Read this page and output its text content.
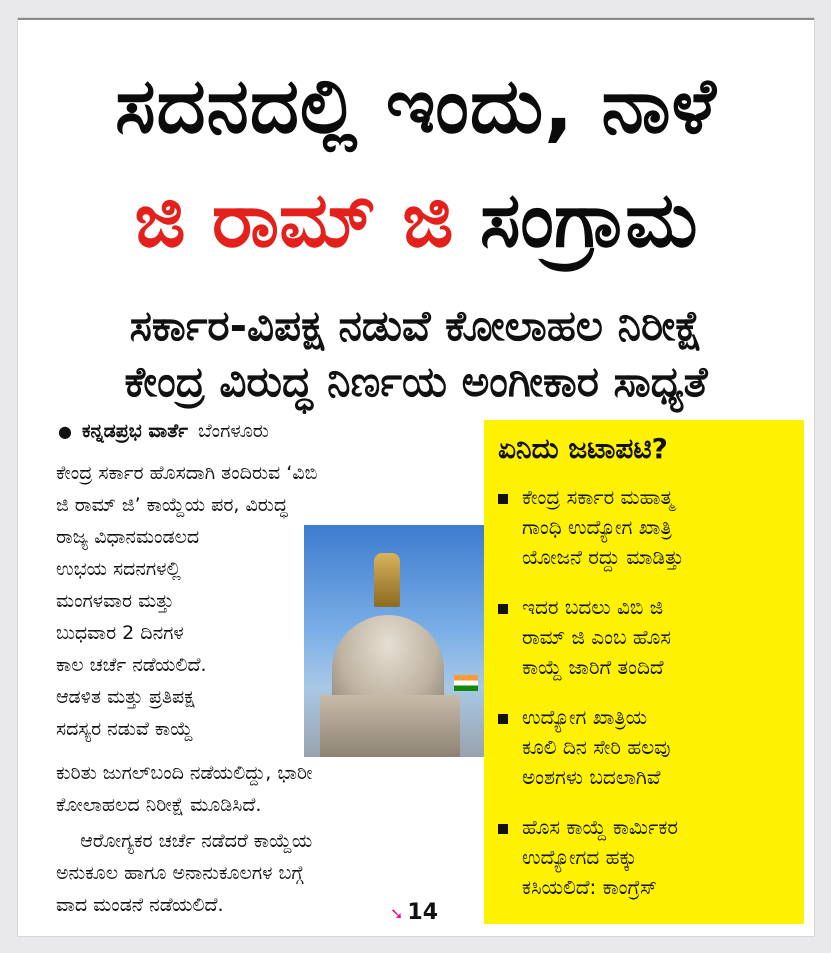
ಸದನದಲ್ಲಿ ಇಂದು, ನಾಳೆ
ಜಿ ರಾಮ್ ಜಿ ಸಂಗ್ರಾಮ
ಸರ್ಕಾರ-ವಿಪಕ್ಷ ನಡುವೆ ಕೋಲಾಹಲ ನಿರೀಕ್ಷೆ
ಕೇಂದ್ರ ವಿರುದ್ಧ ನಿರ್ಣಯ ಅಂಗೀಕಾರ ಸಾಧ್ಯತೆ
● ಕನ್ನಡಪ್ರಭ ವಾರ್ತೆ ಬೆಂಗಳೂರು
ಕೇಂದ್ರ ಸರ್ಕಾರ ಹೊಸದಾಗಿ ತಂದಿರುವ ‘ವಿಬಿ
ಜಿ ರಾಮ್ ಜಿ’ ಕಾಯ್ದೆಯ ಪರ, ವಿರುದ್ಧ
ರಾಜ್ಯ ವಿಧಾನಮಂಡಲದ
ಉಭಯ ಸದನಗಳಲ್ಲಿ
ಮಂಗಳವಾರ ಮತ್ತು
ಬುಧವಾರ 2 ದಿನಗಳ
ಕಾಲ ಚರ್ಚೆ ನಡೆಯಲಿದೆ.
ಆಡಳಿತ ಮತ್ತು ಪ್ರತಿಪಕ್ಷ
ಸದಸ್ಯರ ನಡುವೆ ಕಾಯ್ದೆ
ಕುರಿತು ಜುಗಲ್‌ಬಂದಿ ನಡೆಯಲಿದ್ದು, ಭಾರೀ
ಕೋಲಾಹಲದ ನಿರೀಕ್ಷೆ ಮೂಡಿಸಿದೆ.
ಆರೋಗ್ಯಕರ ಚರ್ಚೆ ನಡೆದರೆ ಕಾಯ್ದೆಯ
ಅನುಕೂಲ ಹಾಗೂ ಅನಾನುಕೂಲಗಳ ಬಗ್ಗೆ
ವಾದ ಮಂಡನೆ ನಡೆಯಲಿದೆ.	➘ 14
ಏನಿದು ಜಟಾಪಟಿ?
ಕೇಂದ್ರ ಸರ್ಕಾರ ಮಹಾತ್ಮ
ಗಾಂಧಿ ಉದ್ಯೋಗ ಖಾತ್ರಿ
ಯೋಜನೆ ರದ್ದು ಮಾಡಿತ್ತು
ಇದರ ಬದಲು ವಿಬಿ ಜಿ
ರಾಮ್ ಜಿ ಎಂಬ ಹೊಸ
ಕಾಯ್ದೆ ಜಾರಿಗೆ ತಂದಿದೆ
ಉದ್ಯೋಗ ಖಾತ್ರಿಯ
ಕೂಲಿ ದಿನ ಸೇರಿ ಹಲವು
ಅಂಶಗಳು ಬದಲಾಗಿವೆ
ಹೊಸ ಕಾಯ್ದೆ ಕಾರ್ಮಿಕರ
ಉದ್ಯೋಗದ ಹಕ್ಕು
ಕಸಿಯಲಿದೆ: ಕಾಂಗ್ರೆಸ್
